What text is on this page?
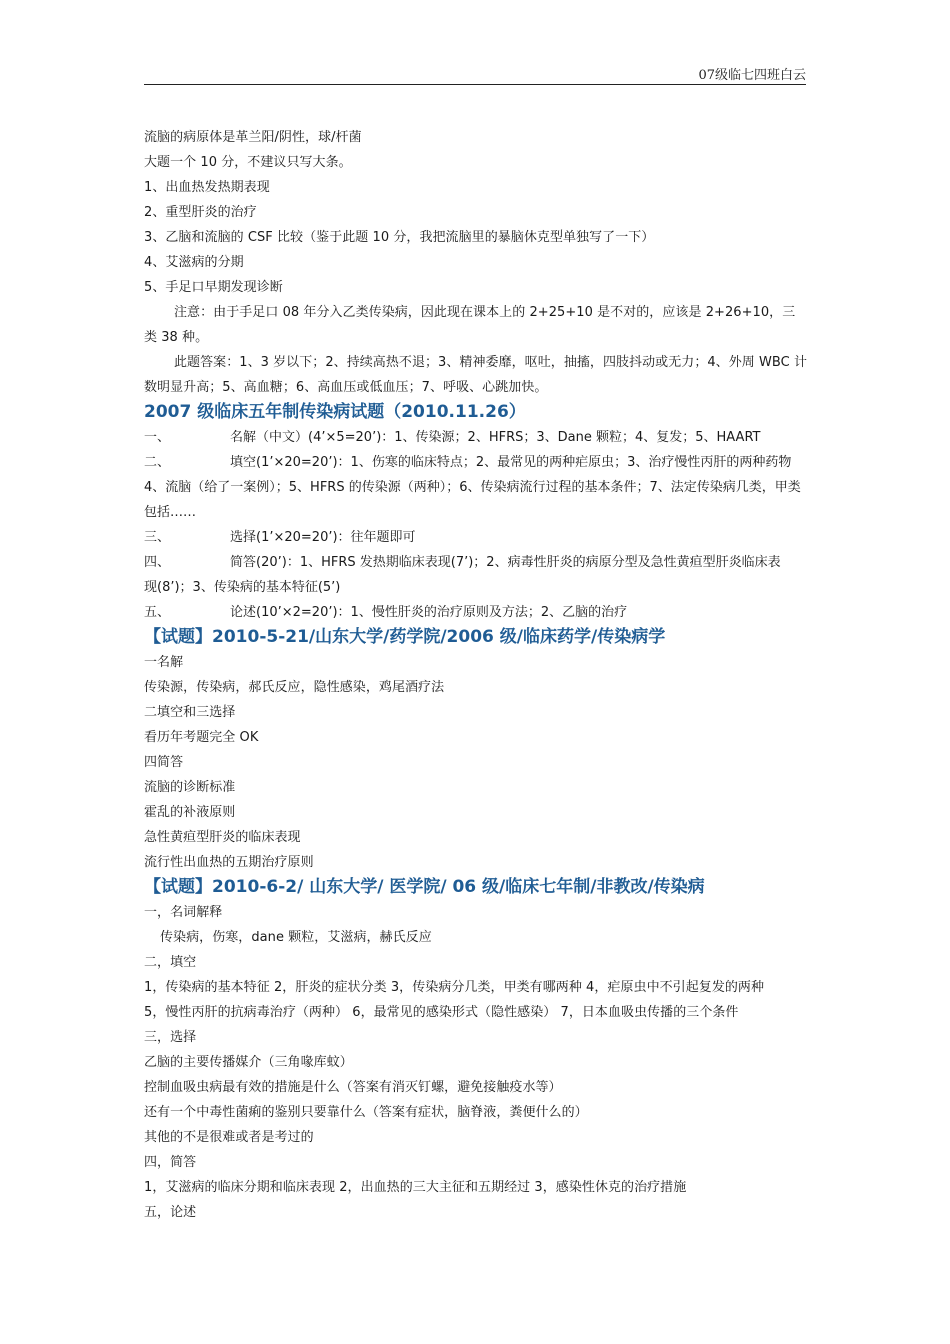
07级临七四班白云

流脑的病原体是革兰阳/阴性，球/杆菌

大题一个 10 分，不建议只写大条。

1、出血热发热期表现

2、重型肝炎的治疗

3、乙脑和流脑的 CSF 比较（鉴于此题 10 分，我把流脑里的暴脑休克型单独写了一下）

4、艾滋病的分期

5、手足口早期发现诊断

注意：由于手足口 08 年分入乙类传染病，因此现在课本上的 2+25+10 是不对的，应该是 2+26+10，三类 38 种。

此题答案：1、3 岁以下；2、持续高热不退；3、精神委靡，呕吐，抽搐，四肢抖动或无力；4、外周 WBC 计数明显升高；5、高血糖；6、高血压或低血压；7、呼吸、心跳加快。

2007 级临床五年制传染病试题（2010.11.26）

一、	名解（中文）(4’×5=20’)：1、传染源；2、HFRS；3、Dane 颗粒；4、复发；5、HAART
二、	填空(1’×20=20’)：1、伤寒的临床特点；2、最常见的两种疟原虫；3、治疗慢性丙肝的两种药物
4、流脑（给了一案例）；5、HFRS 的传染源（两种）；6、传染病流行过程的基本条件；7、法定传染病几类，甲类
包括……
三、	选择(1’×20=20’)：往年题即可
四、	简答(20’)：1、HFRS 发热期临床表现(7’)；2、病毒性肝炎的病原分型及急性黄疸型肝炎临床表
现(8’)；3、传染病的基本特征(5’)
五、	论述(10’×2=20’)：1、慢性肝炎的治疗原则及方法；2、乙脑的治疗

【试题】2010-5-21/山东大学/药学院/2006 级/临床药学/传染病学

一名解

传染源，传染病，郝氏反应，隐性感染，鸡尾酒疗法

二填空和三选择

看历年考题完全 OK

四简答

流脑的诊断标准

霍乱的补液原则

急性黄疸型肝炎的临床表现

流行性出血热的五期治疗原则

【试题】2010-6-2/ 山东大学/ 医学院/ 06 级/临床七年制/非教改/传染病

一，名词解释

传染病，伤寒，dane 颗粒，艾滋病，赫氏反应

二，填空

1，传染病的基本特征 2，肝炎的症状分类 3，传染病分几类，甲类有哪两种 4，疟原虫中不引起复发的两种

5，慢性丙肝的抗病毒治疗（两种） 6，最常见的感染形式（隐性感染） 7，日本血吸虫传播的三个条件

三，选择

乙脑的主要传播媒介（三角喙库蚊）

控制血吸虫病最有效的措施是什么（答案有消灭钉螺，避免接触疫水等）

还有一个中毒性菌痢的鉴别只要靠什么（答案有症状，脑脊液，粪便什么的）

其他的不是很难或者是考过的

四，简答

1，艾滋病的临床分期和临床表现 2，出血热的三大主征和五期经过 3，感染性休克的治疗措施

五，论述
